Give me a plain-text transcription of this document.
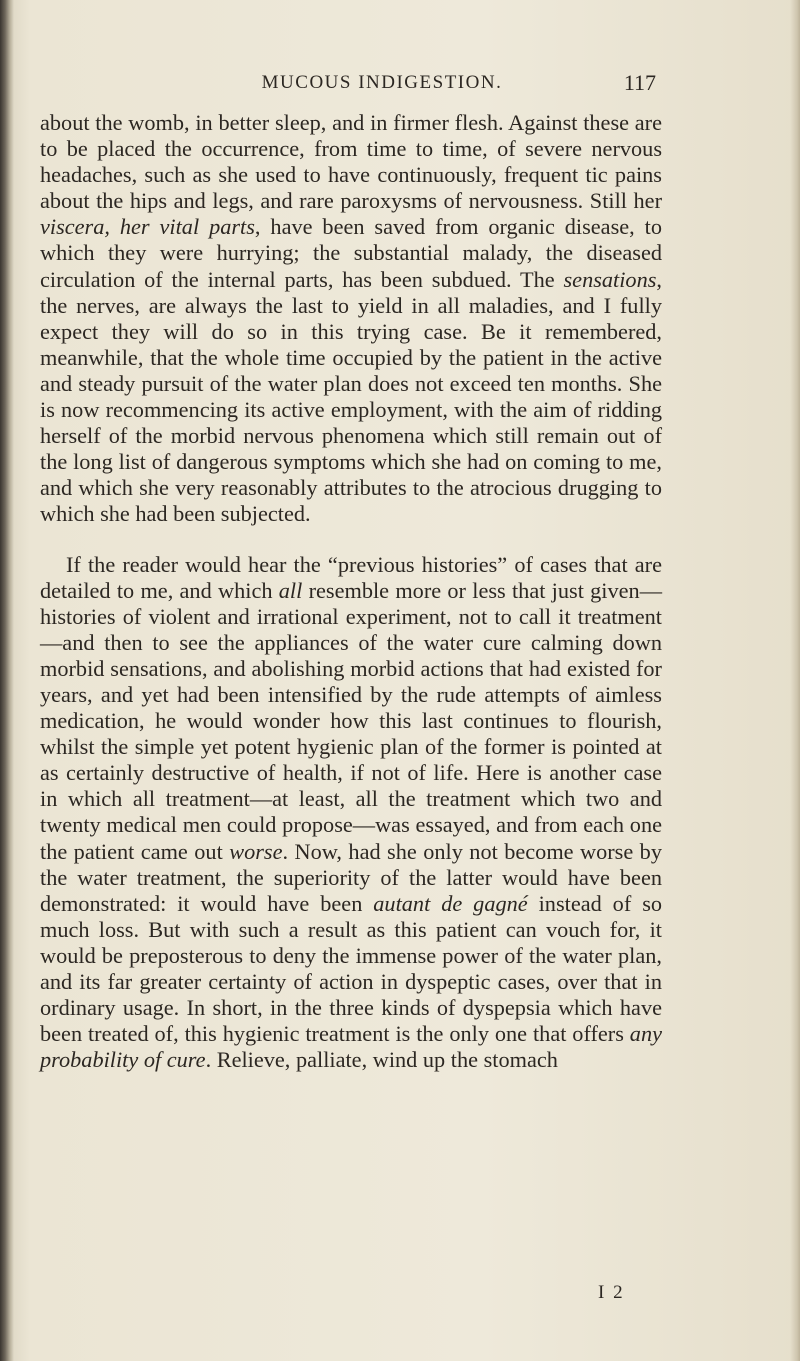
MUCOUS INDIGESTION.	117

about the womb, in better sleep, and in firmer flesh. Against these are to be placed the occurrence, from time to time, of severe nervous headaches, such as she used to have continuously, frequent tic pains about the hips and legs, and rare paroxysms of nervousness. Still her viscera, her vital parts, have been saved from organic disease, to which they were hurrying; the substantial malady, the diseased circulation of the internal parts, has been subdued. The sensations, the nerves, are always the last to yield in all maladies, and I fully expect they will do so in this trying case. Be it remembered, meanwhile, that the whole time occupied by the patient in the active and steady pursuit of the water plan does not exceed ten months. She is now recommencing its active employment, with the aim of ridding herself of the morbid nervous phenomena which still remain out of the long list of dangerous symptoms which she had on coming to me, and which she very reasonably attributes to the atrocious drugging to which she had been subjected.

If the reader would hear the “previous histories” of cases that are detailed to me, and which all resemble more or less that just given—histories of violent and irrational experiment, not to call it treatment—and then to see the appliances of the water cure calming down morbid sensations, and abolishing morbid actions that had existed for years, and yet had been intensified by the rude attempts of aimless medication, he would wonder how this last continues to flourish, whilst the simple yet potent hygienic plan of the former is pointed at as certainly destructive of health, if not of life. Here is another case in which all treatment—at least, all the treatment which two and twenty medical men could propose—was essayed, and from each one the patient came out worse. Now, had she only not become worse by the water treatment, the superiority of the latter would have been demonstrated: it would have been autant de gagné instead of so much loss. But with such a result as this patient can vouch for, it would be preposterous to deny the immense power of the water plan, and its far greater certainty of action in dyspeptic cases, over that in ordinary usage. In short, in the three kinds of dyspepsia which have been treated of, this hygienic treatment is the only one that offers any probability of cure. Relieve, palliate, wind up the stomach

I 2
